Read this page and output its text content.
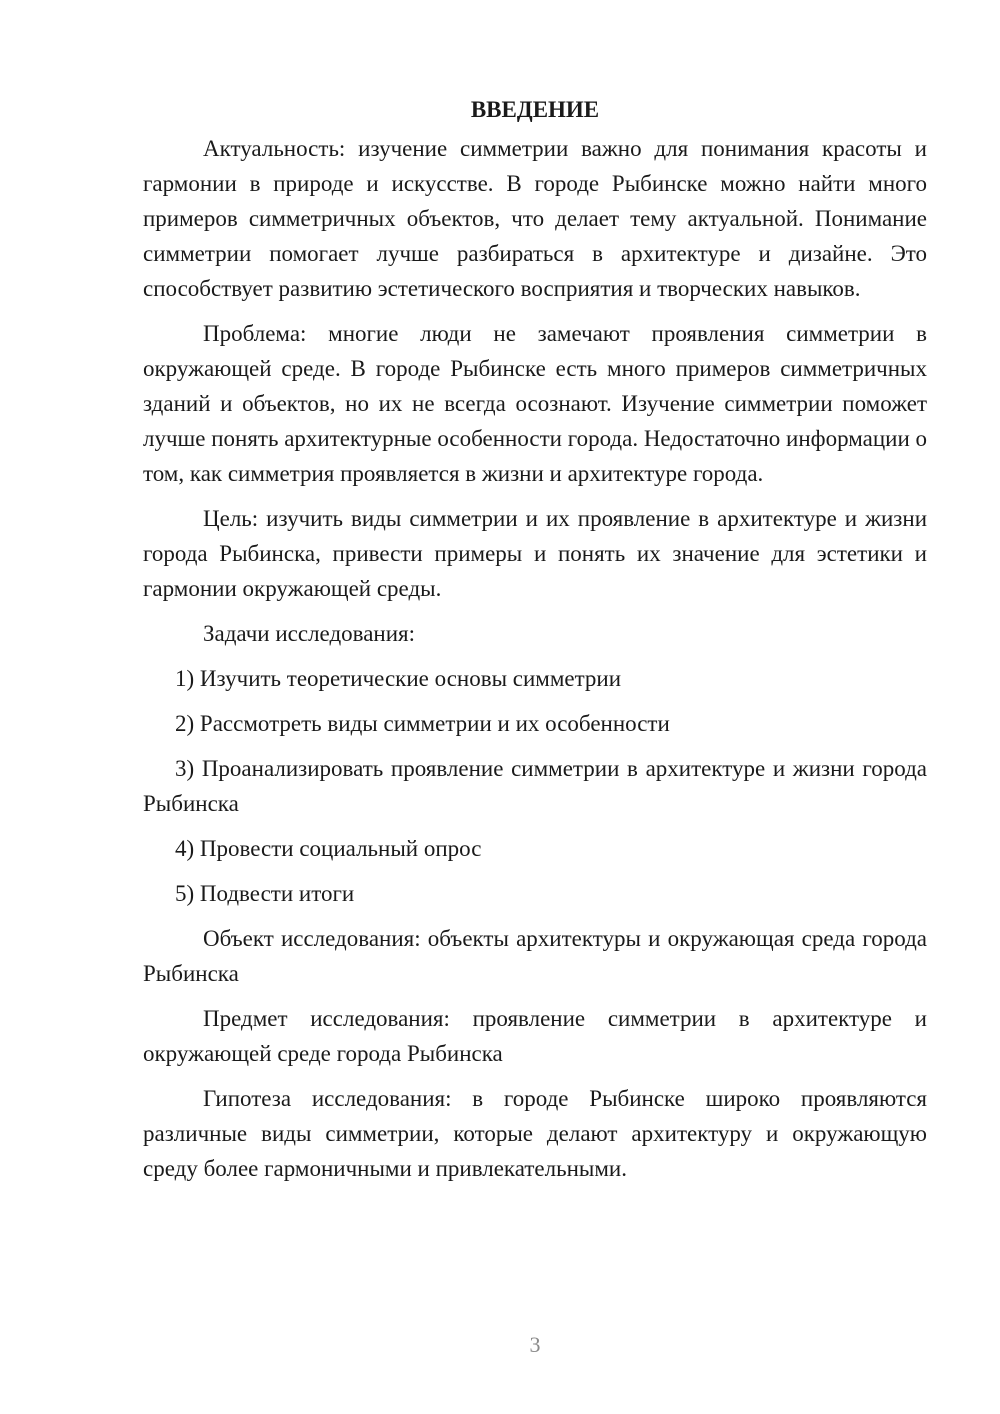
ВВЕДЕНИЕ

Актуальность: изучение симметрии важно для понимания красоты и гармонии в природе и искусстве. В городе Рыбинске можно найти много примеров симметричных объектов, что делает тему актуальной. Понимание симметрии помогает лучше разбираться в архитектуре и дизайне. Это способствует развитию эстетического восприятия и творческих навыков.

Проблема: многие люди не замечают проявления симметрии в окружающей среде. В городе Рыбинске есть много примеров симметричных зданий и объектов, но их не всегда осознают. Изучение симметрии поможет лучше понять архитектурные особенности города. Недостаточно информации о том, как симметрия проявляется в жизни и архитектуре города.

Цель: изучить виды симметрии и их проявление в архитектуре и жизни города Рыбинска, привести примеры и понять их значение для эстетики и гармонии окружающей среды.

Задачи исследования:

1) Изучить теоретические основы симметрии

2) Рассмотреть виды симметрии и их особенности

3) Проанализировать проявление симметрии в архитектуре и жизни города Рыбинска

4) Провести социальный опрос

5) Подвести итоги

Объект исследования: объекты архитектуры и окружающая среда города Рыбинска

Предмет исследования: проявление симметрии в архитектуре и окружающей среде города Рыбинска

Гипотеза исследования: в городе Рыбинске широко проявляются различные виды симметрии, которые делают архитектуру и окружающую среду более гармоничными и привлекательными.

3
